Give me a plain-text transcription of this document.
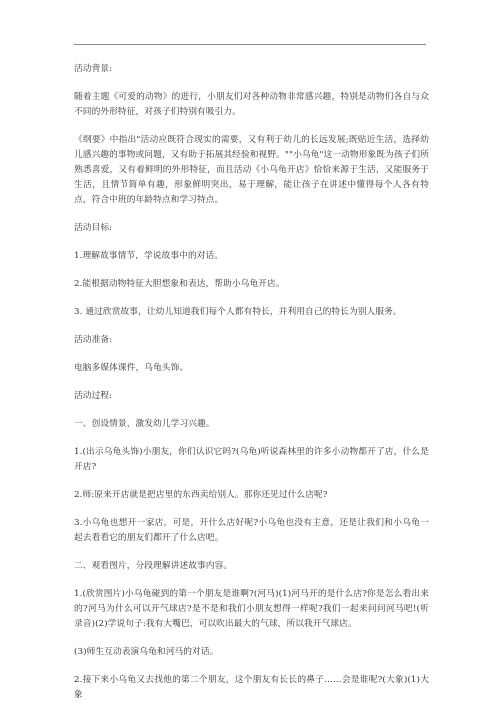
活动背景:

随着主题《可爱的动物》的进行，小朋友们对各种动物非常感兴趣，特别是动物们各自与众不同的外形特征，对孩子们特别有吸引力。

《纲要》中指出"活动应既符合现实的需要，又有利于幼儿的长远发展;既贴近生活，选择幼儿感兴趣的事物或问题，又有助于拓展其经验和视野。""小乌龟"这一动物形象既为孩子们所熟悉喜爱，又有着鲜明的外形特征，而且活动《小乌龟开店》恰恰来源于生活，又能服务于生活，且情节简单有趣，形象鲜明突出，易于理解，能让孩子在讲述中懂得每个人各有特点，符合中班的年龄特点和学习特点。

活动目标:

1.理解故事情节，学说故事中的对话。

2.能根据动物特征大胆想象和表达，帮助小乌龟开店。

3. 通过欣赏故事，让幼儿知道我们每个人都有特长，并利用自己的特长为别人服务。

活动准备:

电脑多媒体课件，乌龟头饰。

活动过程:

一、创设情景，激发幼儿学习兴趣。

1.(出示乌龟头饰)小朋友，你们认识它吗?(乌龟)听说森林里的许多小动物都开了店，什么是开店?

2.师:原来开店就是把店里的东西卖给别人。那你还见过什么店呢?

3.小乌龟也想开一家店，可是，开什么店好呢?小乌龟也没有主意，还是让我们和小乌龟一起去看看它的朋友们都开了什么店吧。

二、观看图片，分段理解讲述故事内容。

1.(欣赏图片)小乌龟碰到的第一个朋友是谁啊?(河马)(1)河马开的是什么店?你是怎么看出来的?河马为什么可以开气球店?是不是和我们小朋友想得一样呢?我们一起来问问河马吧!(听录音)(2)学说句子:我有大嘴巴，可以吹出最大的气球，所以我开气球店。

(3)师生互动表演乌龟和河马的对话。

2.接下来小乌龟又去找他的第二个朋友，这个朋友有长长的鼻子……会是谁呢?(大象)(1)大象
